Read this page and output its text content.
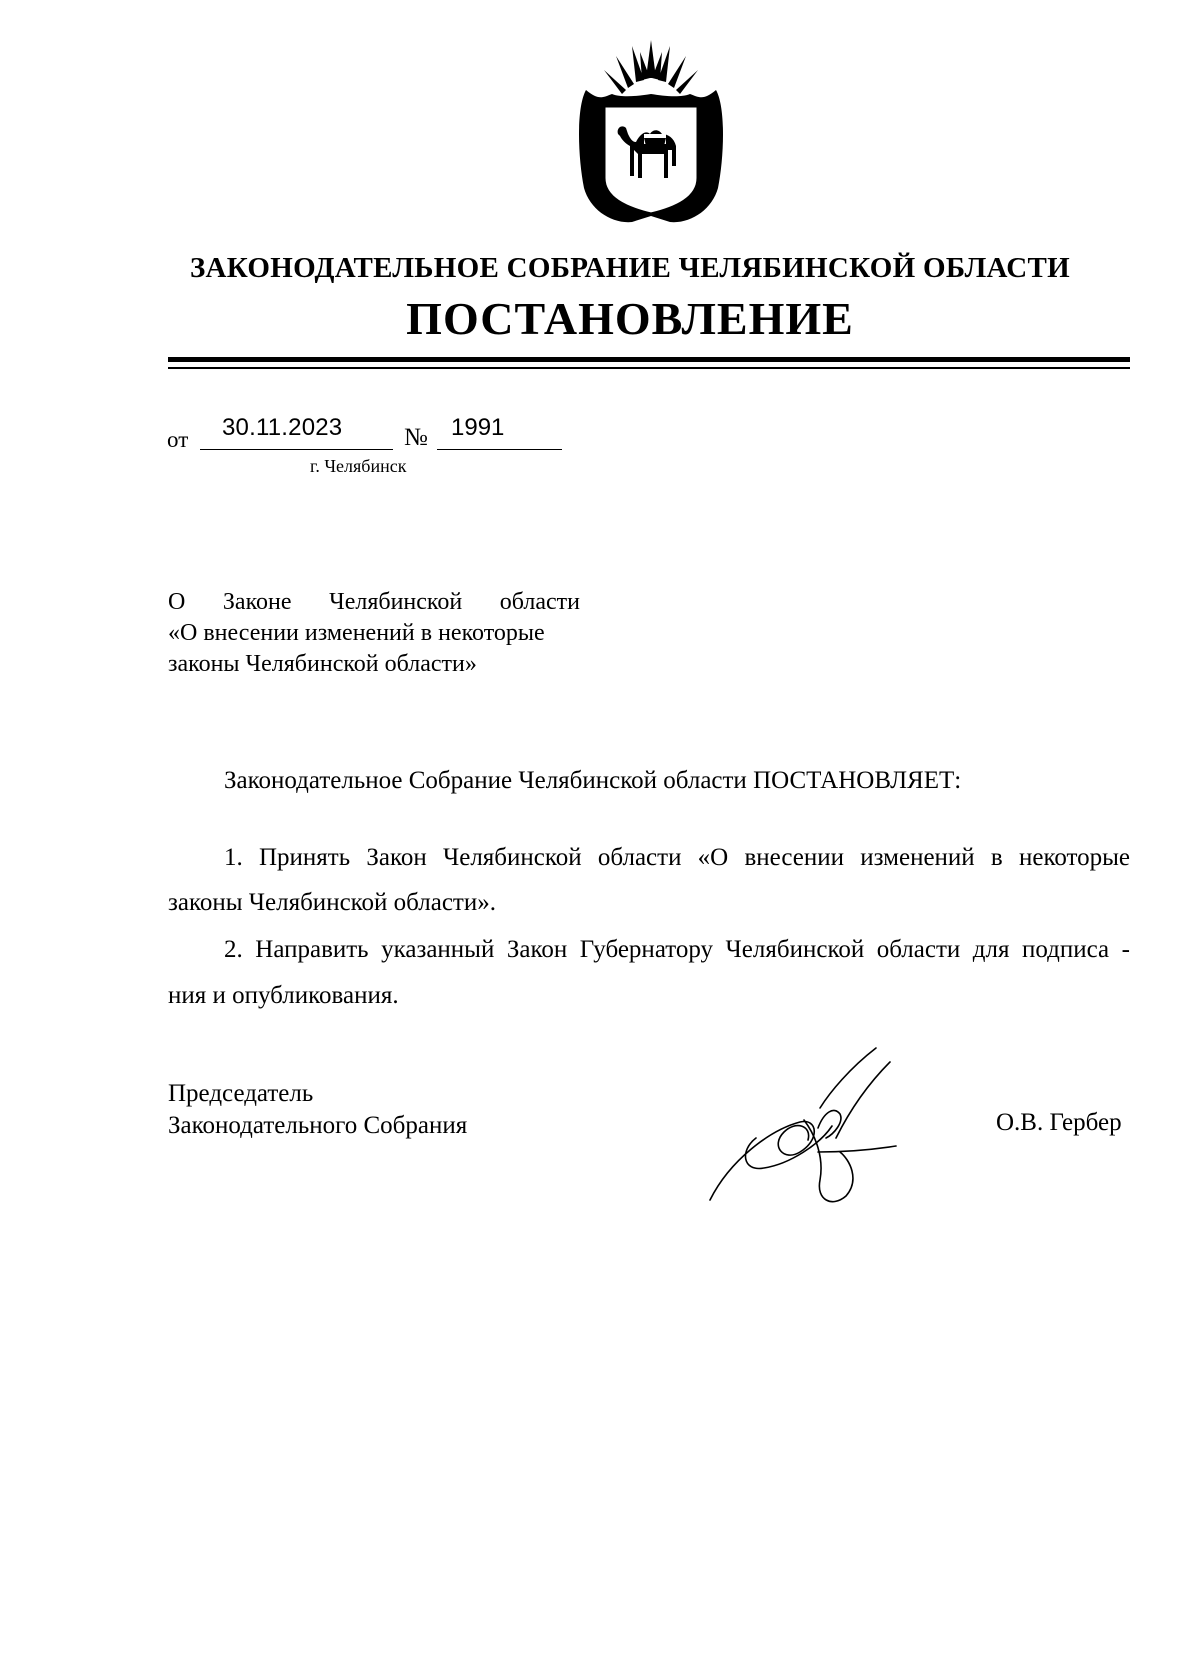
ЗАКОНОДАТЕЛЬНОЕ СОБРАНИЕ ЧЕЛЯБИНСКОЙ ОБЛАСТИ
ПОСТАНОВЛЕНИЕ
от 30.11.2023 № 1991
г. Челябинск
О Законе Челябинской области
«О внесении изменений в некоторые
законы Челябинской области»
Законодательное Собрание Челябинской области ПОСТАНОВЛЯЕТ:
1. Принять Закон Челябинской области «О внесении изменений в некоторые
законы Челябинской области».
2. Направить указанный Закон Губернатору Челябинской области для подписа -
ния и опубликования.
Председатель
Законодательного Собрания	О.В. Гербер
